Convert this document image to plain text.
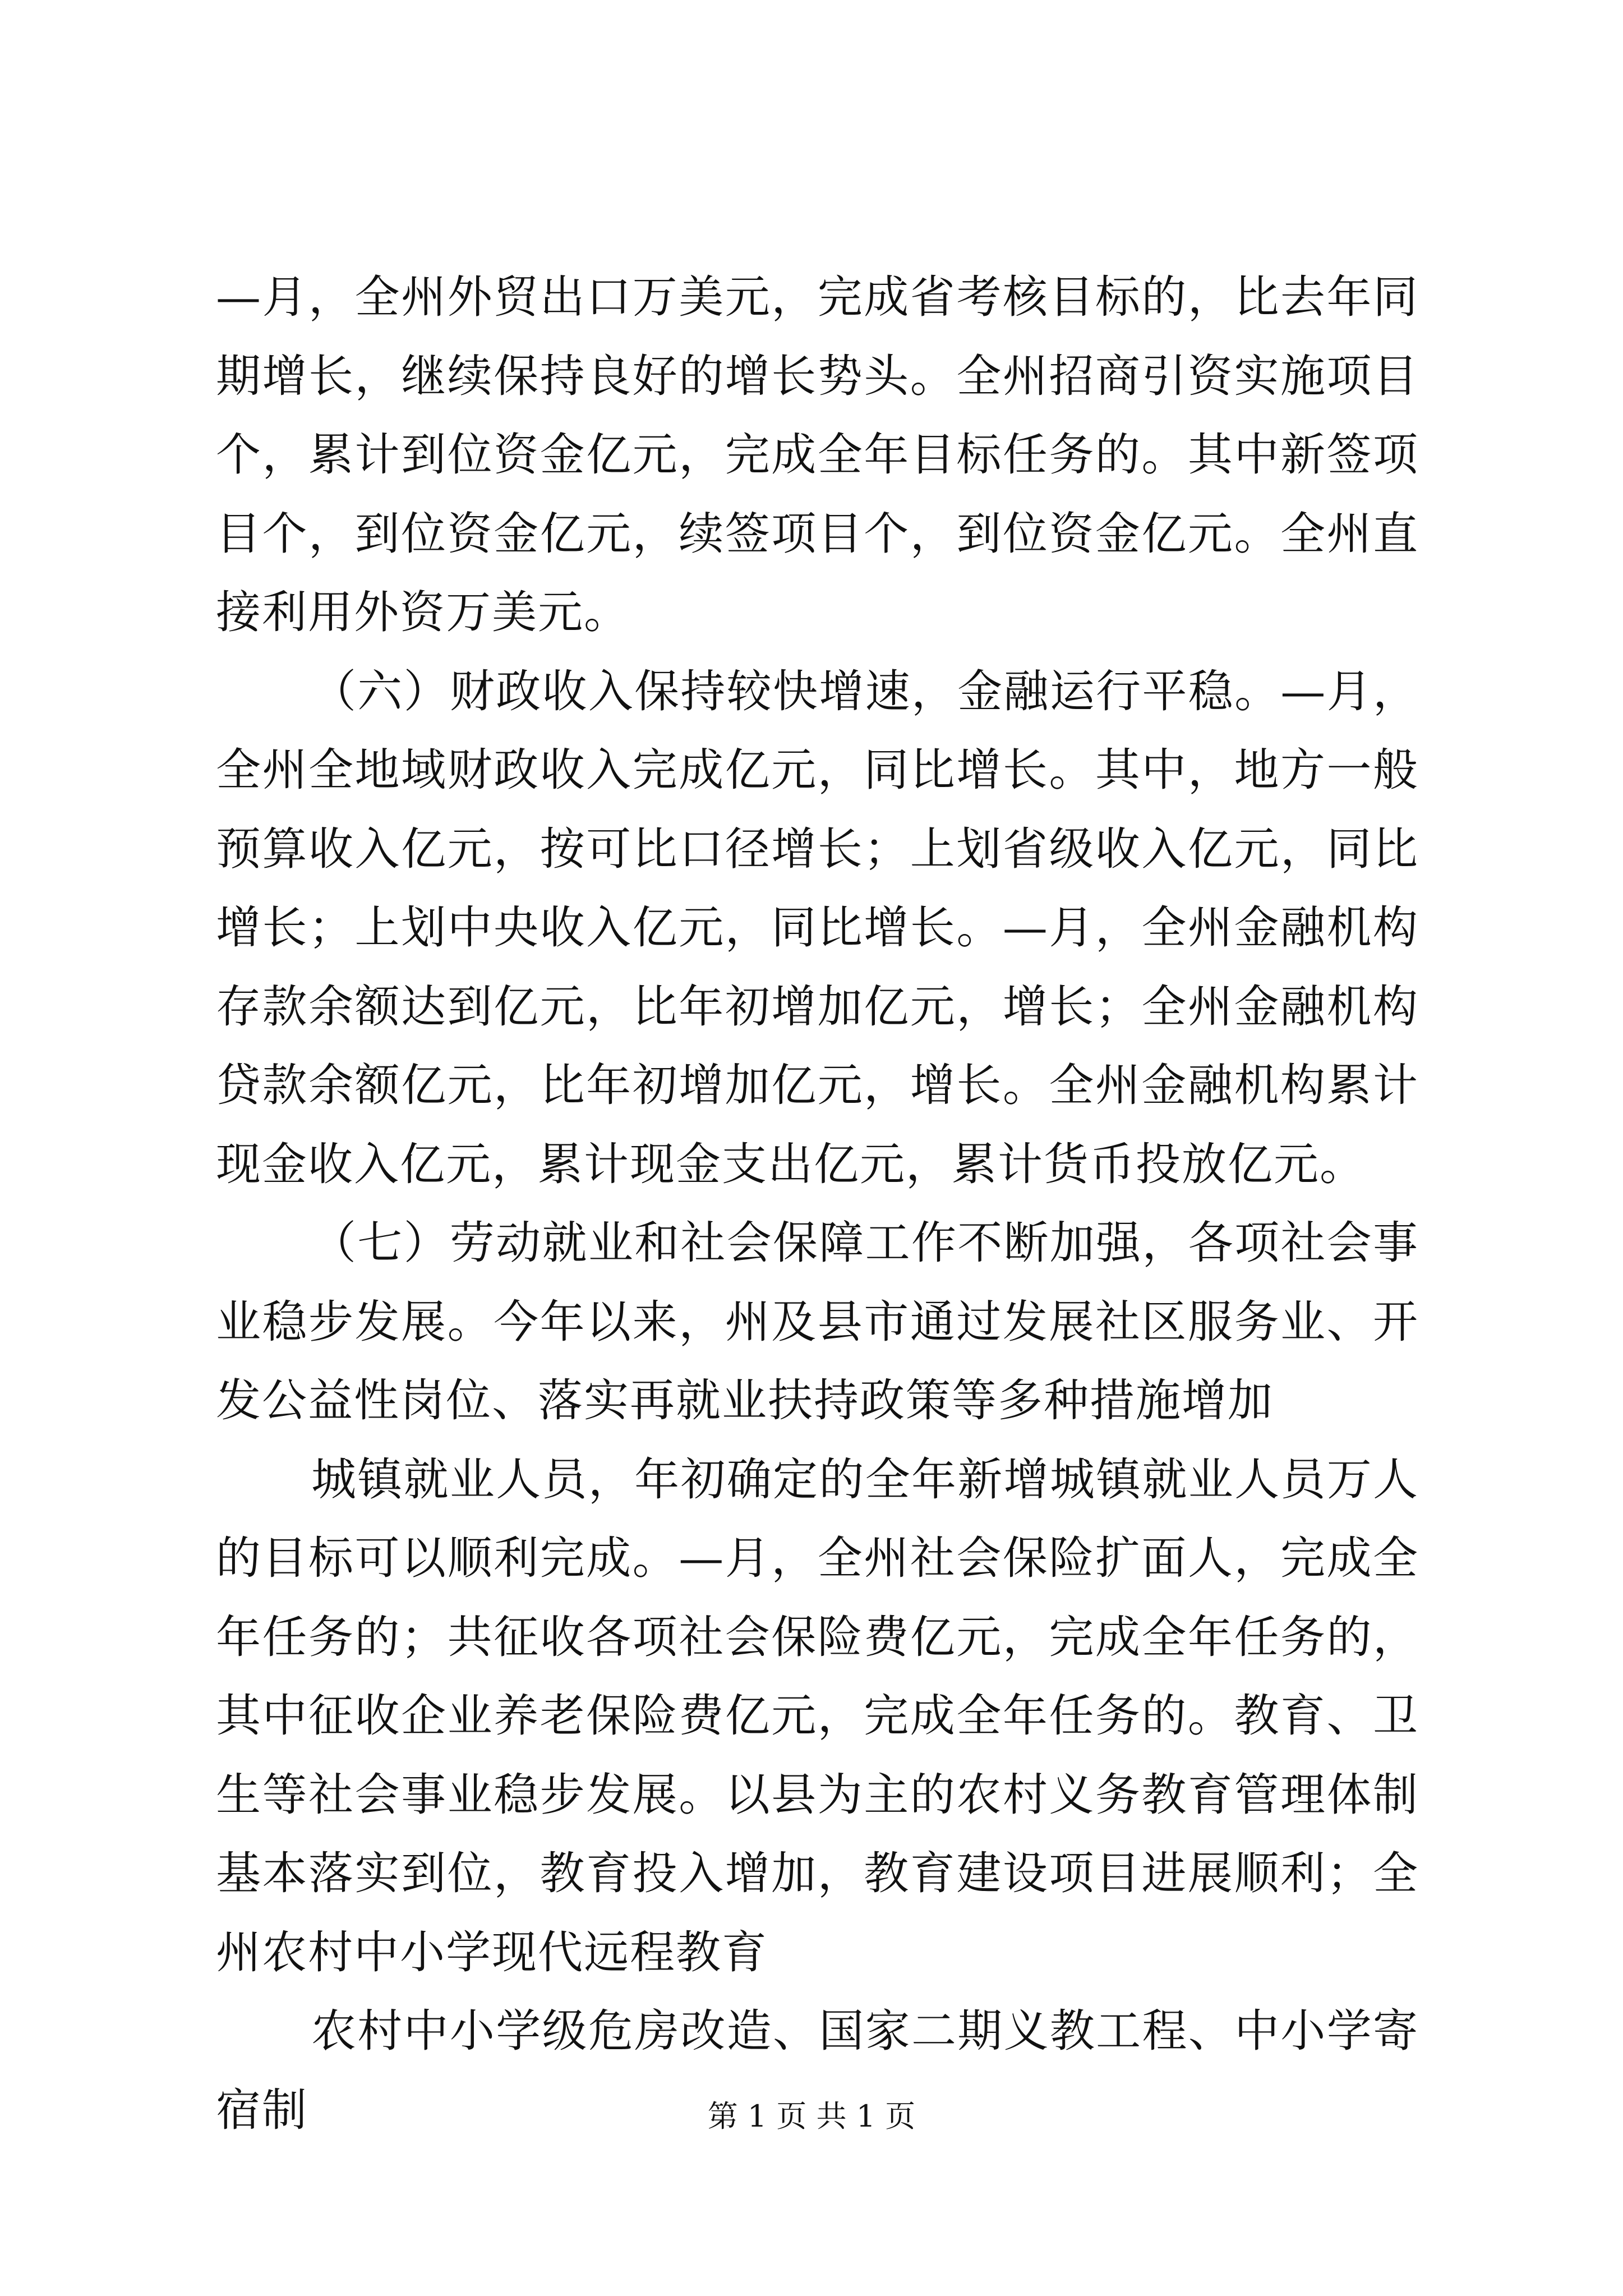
—月，全州外贸出口万美元，完成省考核目标的，比去年同期增长，继续保持良好的增长势头。全州招商引资实施项目个，累计到位资金亿元，完成全年目标任务的。其中新签项目个，到位资金亿元，续签项目个，到位资金亿元。全州直接利用外资万美元。

（六）财政收入保持较快增速，金融运行平稳。—月，全州全地域财政收入完成亿元，同比增长。其中，地方一般预算收入亿元，按可比口径增长；上划省级收入亿元，同比增长；上划中央收入亿元，同比增长。—月，全州金融机构存款余额达到亿元，比年初增加亿元，增长；全州金融机构贷款余额亿元，比年初增加亿元，增长。全州金融机构累计现金收入亿元，累计现金支出亿元，累计货币投放亿元。

（七）劳动就业和社会保障工作不断加强，各项社会事业稳步发展。今年以来，州及县市通过发展社区服务业、开发公益性岗位、落实再就业扶持政策等多种措施增加

城镇就业人员，年初确定的全年新增城镇就业人员万人的目标可以顺利完成。—月，全州社会保险扩面人，完成全年任务的；共征收各项社会保险费亿元，完成全年任务的，其中征收企业养老保险费亿元，完成全年任务的。教育、卫生等社会事业稳步发展。以县为主的农村义务教育管理体制基本落实到位，教育投入增加，教育建设项目进展顺利；全州农村中小学现代远程教育

农村中小学级危房改造、国家二期义教工程、中小学寄宿制	第 1 页 共 1 页
